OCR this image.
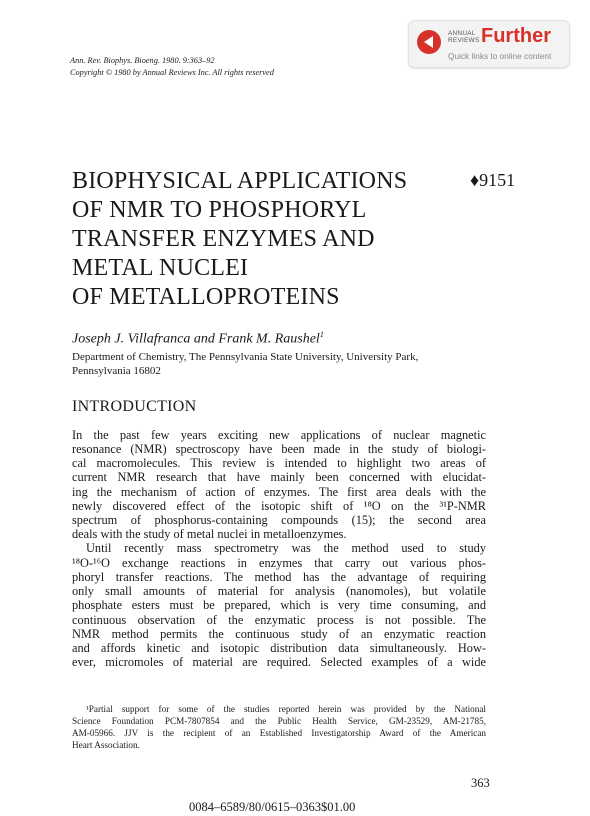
Ann. Rev. Biophys. Bioeng. 1980. 9:363–92
Copyright © 1980 by Annual Reviews Inc. All rights reserved
ANNUAL
REVIEWS Further
Quick links to online content
BIOPHYSICAL APPLICATIONS
OF NMR TO PHOSPHORYL
TRANSFER ENZYMES AND
METAL NUCLEI
OF METALLOPROTEINS
♦9151
Joseph J. Villafranca and Frank M. Raushel$^1$
Department of Chemistry, The Pennsylvania State University, University Park,
Pennsylvania 16802
INTRODUCTION
In the past few years exciting new applications of nuclear magnetic
resonance (NMR) spectroscopy have been made in the study of biologi-
cal macromolecules. This review is intended to highlight two areas of
current NMR research that have mainly been concerned with elucidat-
ing the mechanism of action of enzymes. The first area deals with the
newly discovered effect of the isotopic shift of ¹⁸O on the ³¹P-NMR
spectrum of phosphorus-containing compounds (15); the second area
deals with the study of metal nuclei in metalloenzymes.
Until recently mass spectrometry was the method used to study
¹⁸O-¹⁶O exchange reactions in enzymes that carry out various phos-
phoryl transfer reactions. The method has the advantage of requiring
only small amounts of material for analysis (nanomoles), but volatile
phosphate esters must be prepared, which is very time consuming, and
continuous observation of the enzymatic process is not possible. The
NMR method permits the continuous study of an enzymatic reaction
and affords kinetic and isotopic distribution data simultaneously. How-
ever, micromoles of material are required. Selected examples of a wide
¹Partial support for some of the studies reported herein was provided by the National
Science Foundation PCM-7807854 and the Public Health Service, GM-23529, AM-21785,
AM-05966. JJV is the recipient of an Established Investigatorship Award of the American
Heart Association.
363
0084–6589/80/0615–0363$01.00
